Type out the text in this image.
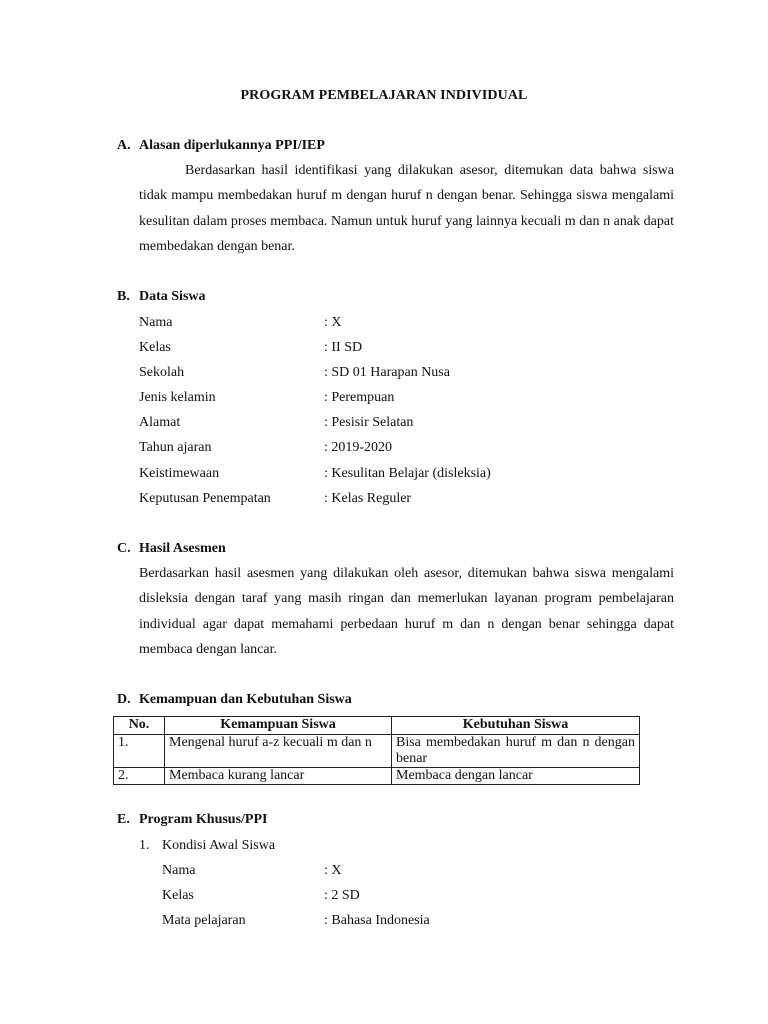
PROGRAM PEMBELAJARAN INDIVIDUAL
A. Alasan diperlukannya PPI/IEP
Berdasarkan hasil identifikasi yang dilakukan asesor, ditemukan data bahwa siswa tidak mampu membedakan huruf m dengan huruf n dengan benar. Sehingga siswa mengalami kesulitan dalam proses membaca. Namun untuk huruf yang lainnya kecuali m dan n anak dapat membedakan dengan benar.
B. Data Siswa
Nama	: X
Kelas	: II SD
Sekolah	: SD 01 Harapan Nusa
Jenis kelamin	: Perempuan
Alamat	: Pesisir Selatan
Tahun ajaran	: 2019-2020
Keistimewaan	: Kesulitan Belajar (disleksia)
Keputusan Penempatan	: Kelas Reguler
C. Hasil Asesmen
Berdasarkan hasil asesmen yang dilakukan oleh asesor, ditemukan bahwa siswa mengalami disleksia dengan taraf yang masih ringan dan memerlukan layanan program pembelajaran individual agar dapat memahami perbedaan huruf m dan n dengan benar sehingga dapat membaca dengan lancar.
D. Kemampuan dan Kebutuhan Siswa
No.	Kemampuan Siswa	Kebutuhan Siswa
1.	Mengenal huruf a-z kecuali m dan n	Bisa membedakan huruf m dan n dengan benar
2.	Membaca kurang lancar	Membaca dengan lancar
E. Program Khusus/PPI
1. Kondisi Awal Siswa
Nama	: X
Kelas	: 2 SD
Mata pelajaran	: Bahasa Indonesia
